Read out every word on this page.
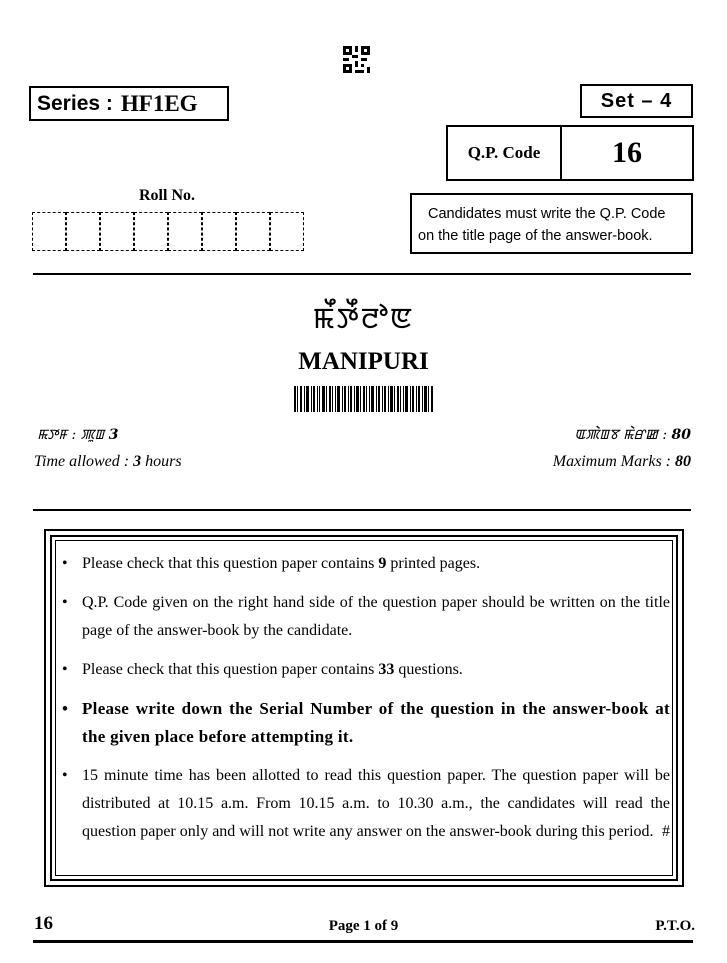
Series : HF1EG	Set – 4
Q.P. Code	16
Roll No.
Candidates must write the Q.P. Code
on the title page of the answer-book.
ꯃꯩꯇꯩꯂꯣꯟ
MANIPURI
ꯃꯇꯝ : ꯄꯨꯡ 3	ꯑꯄꯥꯡꯕ ꯃꯥꯔꯀ : 80
Time allowed : 3 hours	Maximum Marks : 80
• Please check that this question paper contains 9 printed pages.
• Q.P. Code given on the right hand side of the question paper should be written on the title page of the answer-book by the candidate.
• Please check that this question paper contains 33 questions.
• Please write down the Serial Number of the question in the answer-book at the given place before attempting it.
• 15 minute time has been allotted to read this question paper. The question paper will be distributed at 10.15 a.m. From 10.15 a.m. to 10.30 a.m., the candidates will read the question paper only and will not write any answer on the answer-book during this period. #
16	Page 1 of 9	P.T.O.
